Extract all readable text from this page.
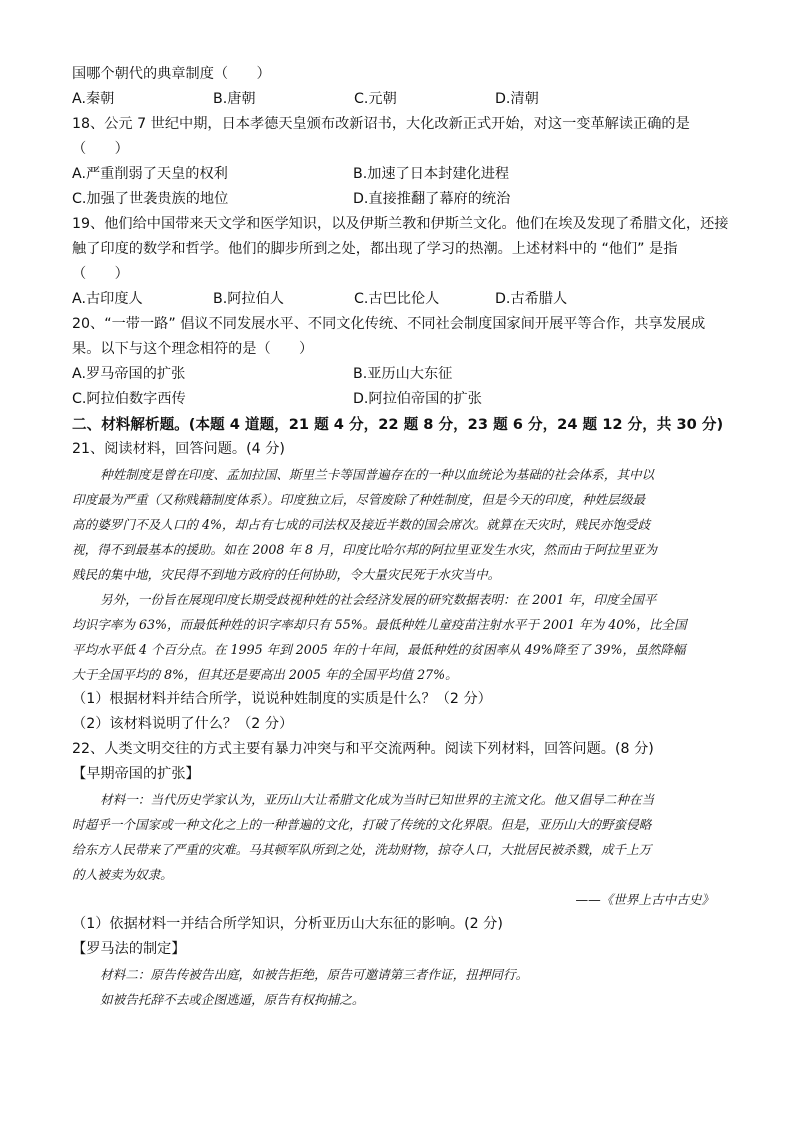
国哪个朝代的典章制度（　　）
A.秦朝	B.唐朝	C.元朝	D.清朝
18、公元 7 世纪中期，日本孝德天皇颁布改新诏书，大化改新正式开始，对这一变革解读正确的是
（　　）
A.严重削弱了天皇的权利	B.加速了日本封建化进程
C.加强了世袭贵族的地位	D.直接推翻了幕府的统治
19、他们给中国带来天文学和医学知识，以及伊斯兰教和伊斯兰文化。他们在埃及发现了希腊文化，还接
触了印度的数学和哲学。他们的脚步所到之处，都出现了学习的热潮。上述材料中的 “他们” 是指
（　　）
A.古印度人	B.阿拉伯人	C.古巴比伦人	D.古希腊人
20、“一带一路” 倡议不同发展水平、不同文化传统、不同社会制度国家间开展平等合作，共享发展成
果。以下与这个理念相符的是（　　）
A.罗马帝国的扩张	B.亚历山大东征
C.阿拉伯数字西传	D.阿拉伯帝国的扩张
二、材料解析题。(本题 4 道题，21 题 4 分，22 题 8 分，23 题 6 分，24 题 12 分，共 30 分)
21、阅读材料，回答问题。(4 分)
种姓制度是曾在印度、孟加拉国、斯里兰卡等国普遍存在的一种以血统论为基础的社会体系，其中以
印度最为严重（又称贱籍制度体系）。印度独立后，尽管废除了种姓制度，但是今天的印度，种姓层级最
高的婆罗门不及人口的 4%，却占有七成的司法权及接近半数的国会席次。就算在天灾时，贱民亦饱受歧
视，得不到最基本的援助。如在 2008 年 8 月，印度比哈尔邦的阿拉里亚发生水灾，然而由于阿拉里亚为
贱民的集中地，灾民得不到地方政府的任何协助，令大量灾民死于水灾当中。
另外，一份旨在展现印度长期受歧视种姓的社会经济发展的研究数据表明：在 2001 年，印度全国平
均识字率为 63%，而最低种姓的识字率却只有 55%。最低种姓儿童疫苗注射水平于 2001 年为 40%，比全国
平均水平低 4 个百分点。在 1995 年到 2005 年的十年间，最低种姓的贫困率从 49%降至了 39%，虽然降幅
大于全国平均的 8%，但其还是要高出 2005 年的全国平均值 27%。
（1）根据材料并结合所学，说说种姓制度的实质是什么？（2 分）
（2）该材料说明了什么？（2 分）
22、人类文明交往的方式主要有暴力冲突与和平交流两种。阅读下列材料，回答问题。(8 分)
【早期帝国的扩张】
材料一：当代历史学家认为，亚历山大让希腊文化成为当时已知世界的主流文化。他又倡导二种在当
时超乎一个国家或一种文化之上的一种普遍的文化，打破了传统的文化界限。但是，亚历山大的野蛮侵略
给东方人民带来了严重的灾难。马其顿军队所到之处，洗劫财物，掠夺人口，大批居民被杀戮，成千上万
的人被卖为奴隶。
——《世界上古中古史》
（1）依据材料一并结合所学知识，分析亚历山大东征的影响。(2 分)
【罗马法的制定】
材料二：原告传被告出庭，如被告拒绝，原告可邀请第三者作证，扭押同行。
如被告托辞不去或企图逃遁，原告有权拘捕之。
